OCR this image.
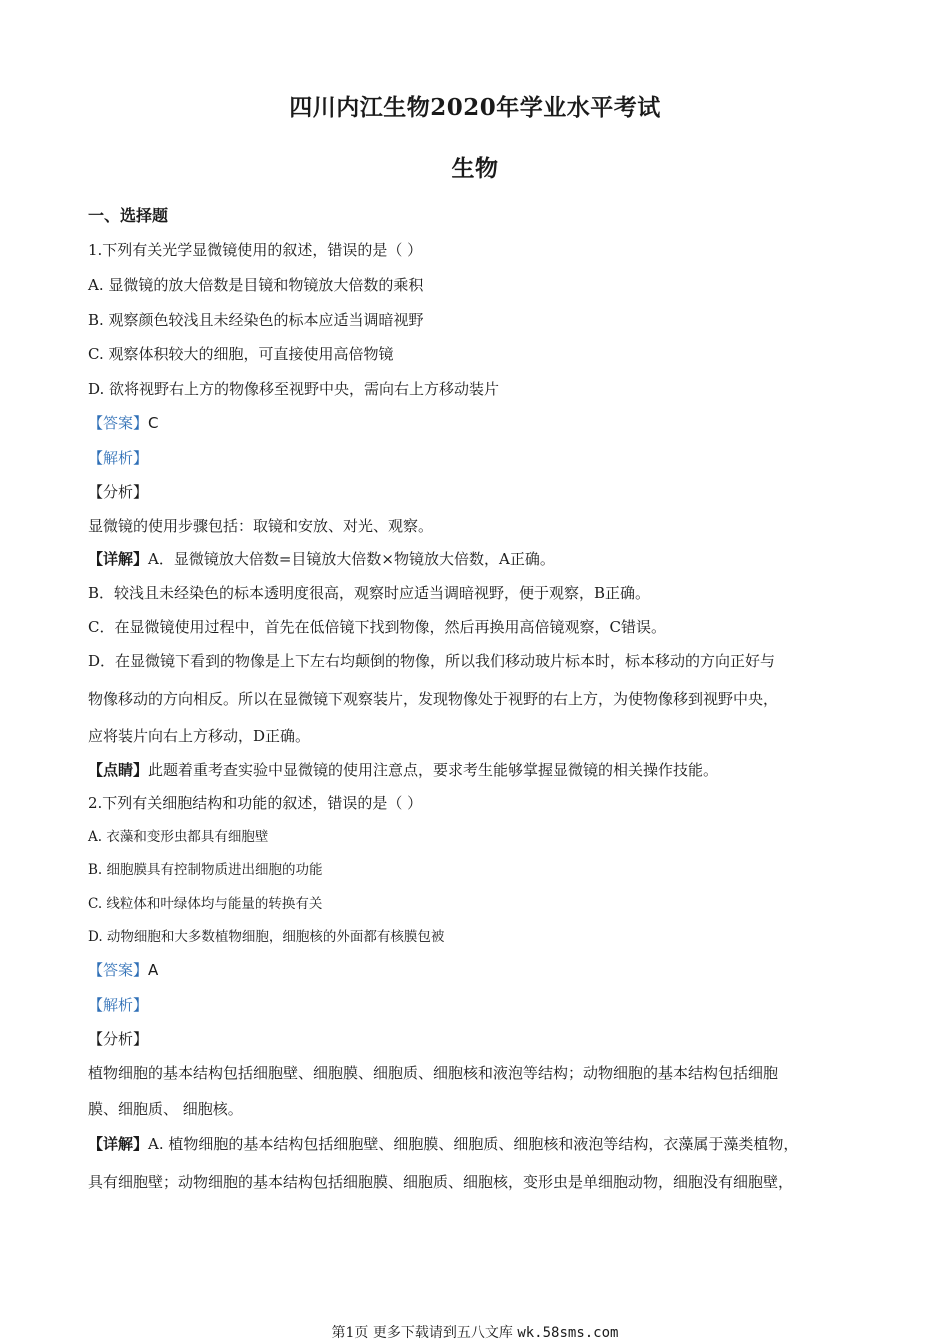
四川内江生物2020年学业水平考试
生物
一、选择题
1.下列有关光学显微镜使用的叙述，错误的是（ ）
A. 显微镜的放大倍数是目镜和物镜放大倍数的乘积
B. 观察颜色较浅且未经染色的标本应适当调暗视野
C. 观察体积较大的细胞，可直接使用高倍物镜
D. 欲将视野右上方的物像移至视野中央，需向右上方移动装片
【答案】C
【解析】
【分析】
显微镜的使用步骤包括：取镜和安放、对光、观察。
【详解】A．显微镜放大倍数=目镜放大倍数×物镜放大倍数，A正确。
B．较浅且未经染色的标本透明度很高，观察时应适当调暗视野，便于观察，B正确。
C．在显微镜使用过程中，首先在低倍镜下找到物像，然后再换用高倍镜观察，C错误。
D．在显微镜下看到的物像是上下左右均颠倒的物像，所以我们移动玻片标本时，标本移动的方向正好与
物像移动的方向相反。所以在显微镜下观察装片，发现物像处于视野的右上方，为使物像移到视野中央，
应将装片向右上方移动，D正确。
【点睛】此题着重考查实验中显微镜的使用注意点，要求考生能够掌握显微镜的相关操作技能。
2.下列有关细胞结构和功能的叙述，错误的是（ ）
A. 衣藻和变形虫都具有细胞壁
B. 细胞膜具有控制物质进出细胞的功能
C. 线粒体和叶绿体均与能量的转换有关
D. 动物细胞和大多数植物细胞，细胞核的外面都有核膜包被
【答案】A
【解析】
【分析】
植物细胞的基本结构包括细胞壁、细胞膜、细胞质、细胞核和液泡等结构；动物细胞的基本结构包括细胞
膜、细胞质、 细胞核。
【详解】A. 植物细胞的基本结构包括细胞壁、细胞膜、细胞质、细胞核和液泡等结构，衣藻属于藻类植物，
具有细胞壁；动物细胞的基本结构包括细胞膜、细胞质、细胞核，变形虫是单细胞动物，细胞没有细胞壁，
第1页 更多下载请到五八文库 wk.58sms.com
